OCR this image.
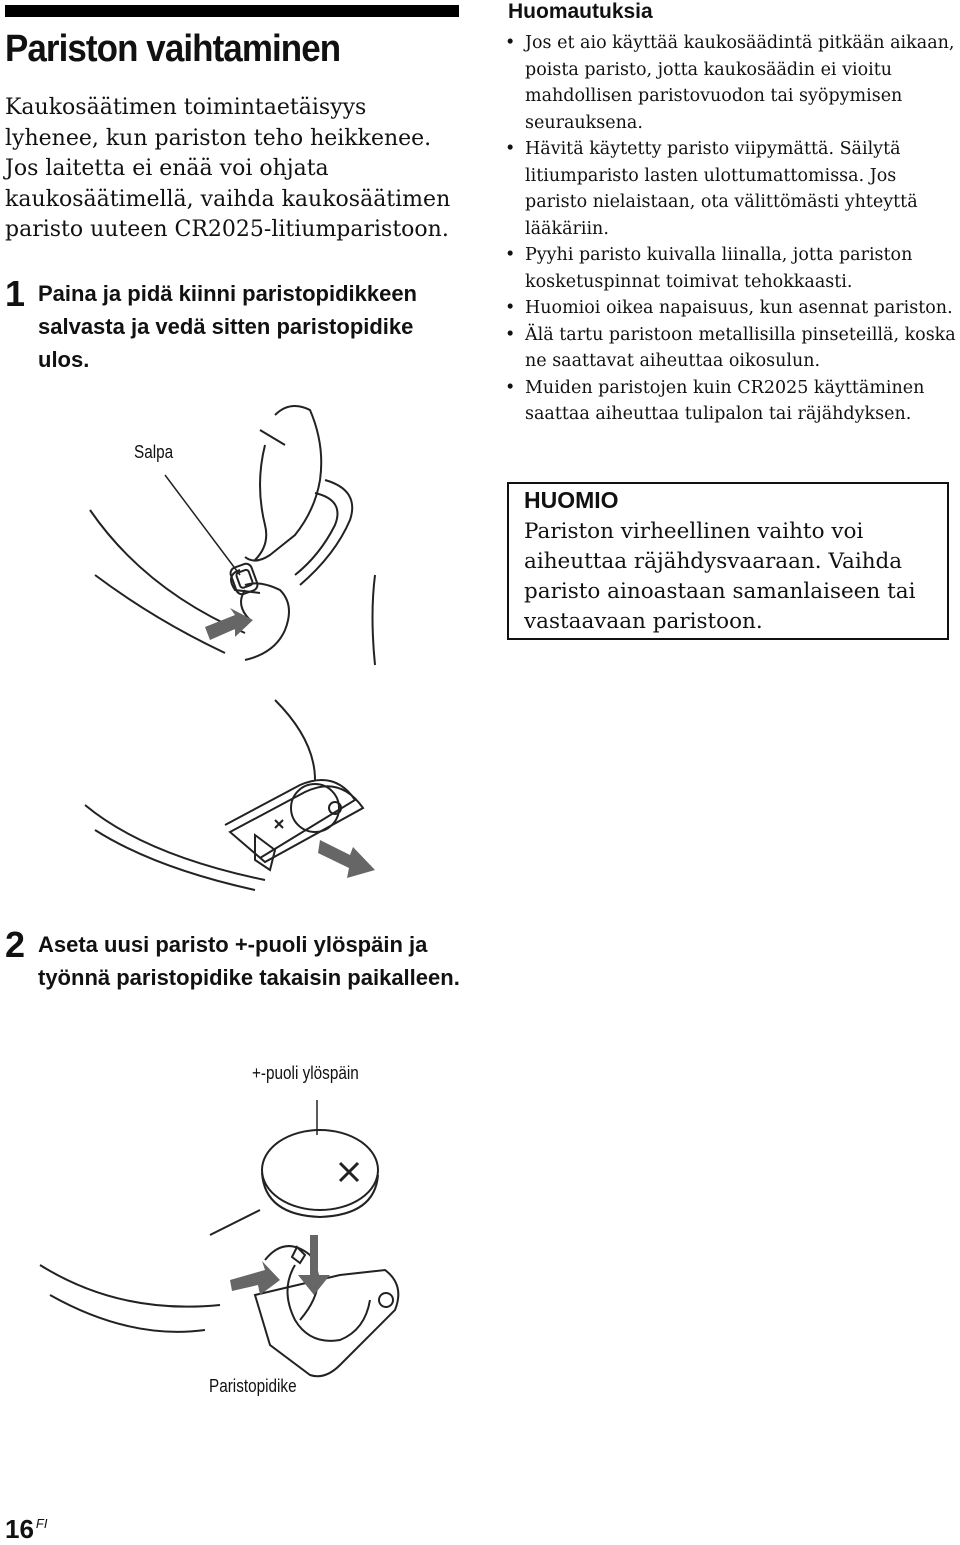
Pariston vaihtaminen

Kaukosäätimen toimintaetäisyys lyhenee, kun pariston teho heikkenee. Jos laitetta ei enää voi ohjata kaukosäätimellä, vaihda kaukosäätimen paristo uuteen CR2025-litiumparistoon.

1 Paina ja pidä kiinni paristopidikkeen salvasta ja vedä sitten paristopidike ulos.
Salpa
2 Aseta uusi paristo +-puoli ylöspäin ja työnnä paristopidike takaisin paikalleen.
+-puoli ylöspäin
Paristopidike
Huomautuksia
• Jos et aio käyttää kaukosäädintä pitkään aikaan, poista paristo, jotta kaukosäädin ei vioitu mahdollisen paristovuodon tai syöpymisen seurauksena.
• Hävitä käytetty paristo viipymättä. Säilytä litiumparisto lasten ulottumattomissa. Jos paristo nielaistaan, ota välittömästi yhteyttä lääkäriin.
• Pyyhi paristo kuivalla liinalla, jotta pariston kosketuspinnat toimivat tehokkaasti.
• Huomioi oikea napaisuus, kun asennat pariston.
• Älä tartu paristoon metallisilla pinseteillä, koska ne saattavat aiheuttaa oikosulun.
• Muiden paristojen kuin CR2025 käyttäminen saattaa aiheuttaa tulipalon tai räjähdyksen.
HUOMIO
Pariston virheellinen vaihto voi aiheuttaa räjähdysvaaraan. Vaihda paristo ainoastaan samanlaiseen tai vastaavaan paristoon.
16 $^{FI}$
